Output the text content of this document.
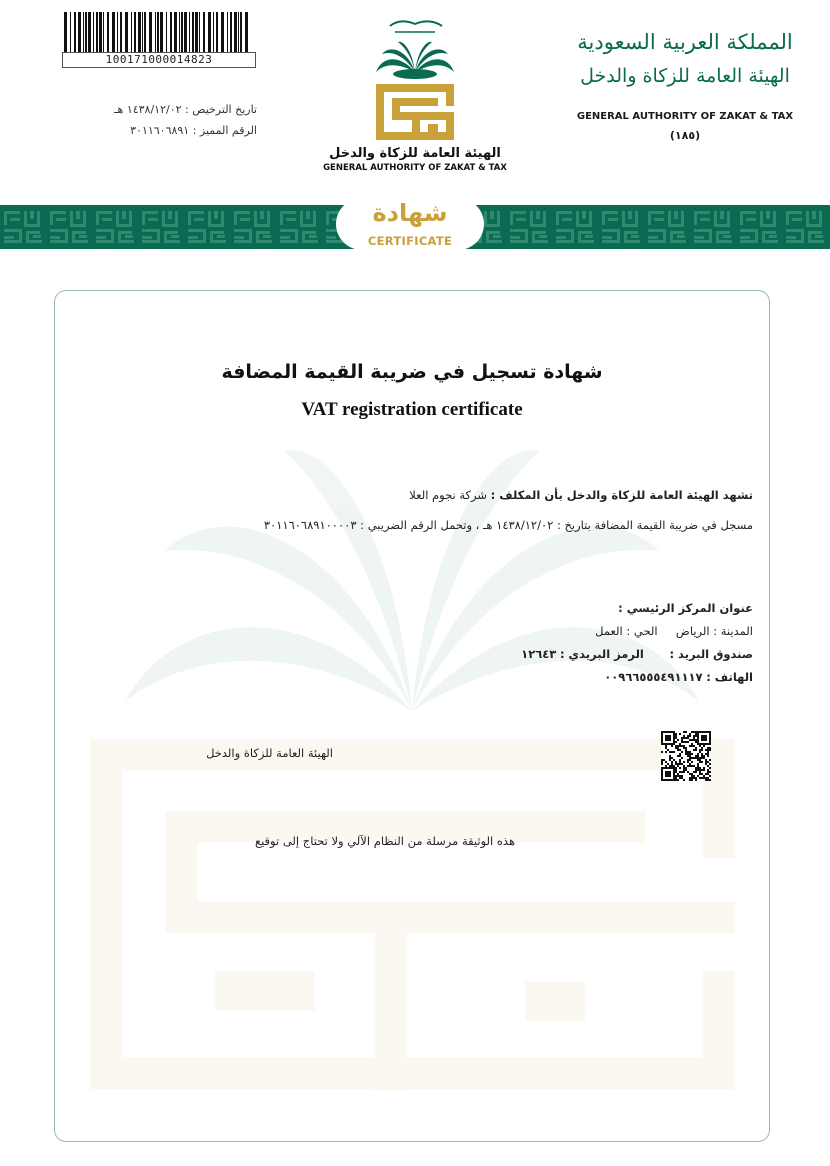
100171000014823
تاريخ الترخيص : ١٤٣٨/١٢/٠٢ هـ
الرقم المميز : ٣٠١١٦٠٦٨٩١
الهيئة العامة للزكاة والدخل
GENERAL AUTHORITY OF ZAKAT & TAX
المملكة العربية السعودية
الهيئة العامة للزكاة والدخل
GENERAL AUTHORITY OF ZAKAT & TAX
(١٨٥)
شهادة
CERTIFICATE
شهادة تسجيل في ضريبة القيمة المضافة
VAT registration certificate
تشهد الهيئة العامة للزكاة والدخل بأن المكلف : شركة نجوم العلا
مسجل في ضريبة القيمة المضافة بتاريخ : ١٤٣٨/١٢/٠٢ هـ ، وتحمل الرقم الضريبي : ٣٠١١٦٠٦٨٩١٠٠٠٠٣
عنوان المركز الرئيسي :
المدينة : الرياض     الحي : العمل
صندوق البريد :       الرمز البريدي : ١٢٦٤٣
الهاتف : ٠٠٩٦٦٥٥٥٤٩١١١٧
الهيئة العامة للزكاة والدخل
هذه الوثيقة مرسلة من النظام الآلي ولا تحتاج إلى توقيع
